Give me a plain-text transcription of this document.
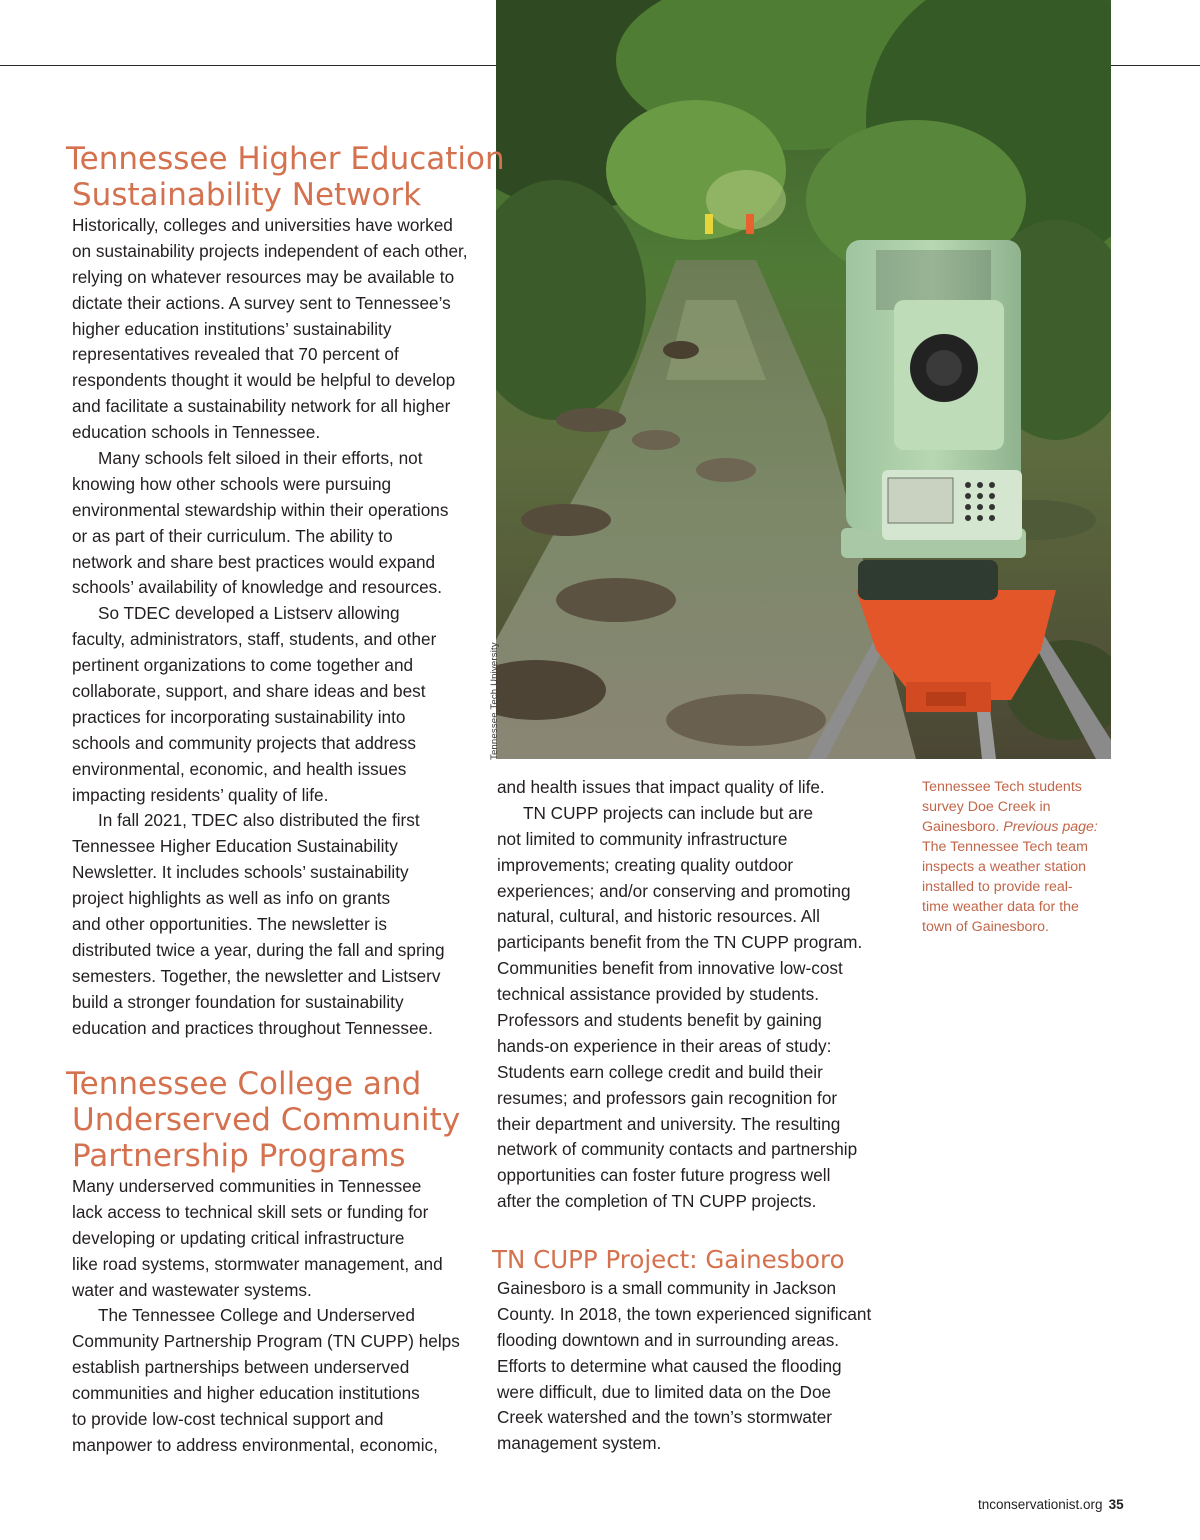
Tennessee Tech University
Tennessee Higher Education
Sustainability Network
Historically, colleges and universities have worked
on sustainability projects independent of each other,
relying on whatever resources may be available to
dictate their actions. A survey sent to Tennessee’s
higher education institutions’ sustainability
representatives revealed that 70 percent of
respondents thought it would be helpful to develop
and facilitate a sustainability network for all higher
education schools in Tennessee.
Many schools felt siloed in their efforts, not
knowing how other schools were pursuing
environmental stewardship within their operations
or as part of their curriculum. The ability to
network and share best practices would expand
schools’ availability of knowledge and resources.
So TDEC developed a Listserv allowing
faculty, administrators, staff, students, and other
pertinent organizations to come together and
collaborate, support, and share ideas and best
practices for incorporating sustainability into
schools and community projects that address
environmental, economic, and health issues
impacting residents’ quality of life.
In fall 2021, TDEC also distributed the first
Tennessee Higher Education Sustainability
Newsletter. It includes schools’ sustainability
project highlights as well as info on grants
and other opportunities. The newsletter is
distributed twice a year, during the fall and spring
semesters. Together, the newsletter and Listserv
build a stronger foundation for sustainability
education and practices throughout Tennessee.
Tennessee College and
Underserved Community
Partnership Programs
Many underserved communities in Tennessee
lack access to technical skill sets or funding for
developing or updating critical infrastructure
like road systems, stormwater management, and
water and wastewater systems.
The Tennessee College and Underserved
Community Partnership Program (TN CUPP) helps
establish partnerships between underserved
communities and higher education institutions
to provide low-cost technical support and
manpower to address environmental, economic,
and health issues that impact quality of life.
TN CUPP projects can include but are
not limited to community infrastructure
improvements; creating quality outdoor
experiences; and/or conserving and promoting
natural, cultural, and historic resources. All
participants benefit from the TN CUPP program.
Communities benefit from innovative low-cost
technical assistance provided by students.
Professors and students benefit by gaining
hands-on experience in their areas of study:
Students earn college credit and build their
resumes; and professors gain recognition for
their department and university. The resulting
network of community contacts and partnership
opportunities can foster future progress well
after the completion of TN CUPP projects.
TN CUPP Project: Gainesboro
Gainesboro is a small community in Jackson
County. In 2018, the town experienced significant
flooding downtown and in surrounding areas.
Efforts to determine what caused the flooding
were difficult, due to limited data on the Doe
Creek watershed and the town’s stormwater
management system.
Tennessee Tech students
survey Doe Creek in
Gainesboro. Previous page:
The Tennessee Tech team
inspects a weather station
installed to provide real-
time weather data for the
town of Gainesboro.
tnconservationist.org 35
